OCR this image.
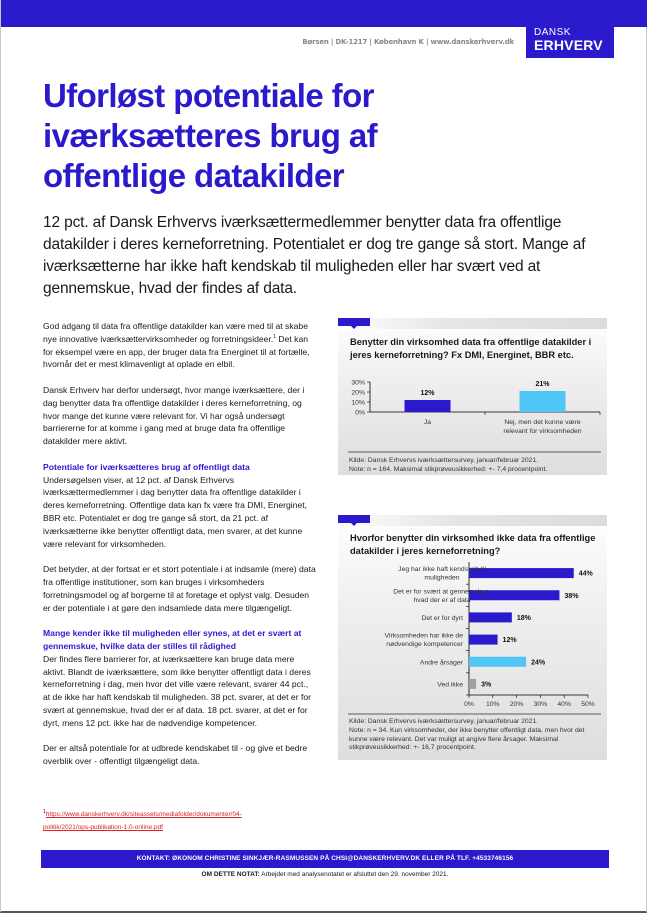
DANSK
ERHVERV
Børsen | DK-1217 | København K | www.danskerhverv.dk
Uforløst potentiale for iværksætteres brug af offentlige datakilder

12 pct. af Dansk Erhvervs iværksættermedlemmer benytter data fra offentlige datakilder i deres kerneforretning. Potentialet er dog tre gange så stort. Mange af iværksætterne har ikke haft kendskab til muligheden eller har svært ved at gennemskue, hvad der findes af data.

God adgang til data fra offentlige datakilder kan være med til at skabe nye innovative iværksættervirksomheder og forretningsideer.$^1$ Det kan for eksempel være en app, der bruger data fra Energinet til at fortælle, hvornår det er mest klimavenligt at oplade en elbil.

Dansk Erhverv har derfor undersøgt, hvor mange iværksættere, der i dag benytter data fra offentlige datakilder i deres kerneforretning, og hvor mange det kunne være relevant for. Vi har også undersøgt barriererne for at komme i gang med at bruge data fra offentlige datakilder mere aktivt.

Potentiale for iværksætteres brug af offentligt data
Undersøgelsen viser, at 12 pct. af Dansk Erhvervs iværksættermedlemmer i dag benytter data fra offentlige datakilder i deres kerneforretning. Offentlige data kan fx være fra DMI, Energinet, BBR etc. Potentialet er dog tre gange så stort, da 21 pct. af iværksætterne ikke benytter offentligt data, men svarer, at det kunne være relevant for virksomheden.

Det betyder, at der fortsat er et stort potentiale i at indsamle (mere) data fra offentlige institutioner, som kan bruges i virksomheders forretningsmodel og af borgerne til at foretage et oplyst valg. Desuden er der potentiale i at gøre den indsamlede data mere tilgængeligt.

Mange kender ikke til muligheden eller synes, at det er svært at gennemskue, hvilke data der stilles til rådighed
Der findes flere barrierer for, at iværksættere kan bruge data mere aktivt. Blandt de iværksættere, som ikke benytter offentligt data i deres kerneforretning i dag, men hvor det ville være relevant, svarer 44 pct., at de ikke har haft kendskab til muligheden. 38 pct. svarer, at det er for svært at gennemskue, hvad der er af data. 18 pct. svarer, at det er for dyrt, mens 12 pct. ikke har de nødvendige kompetencer.

Der er altså potentiale for at udbrede kendskabet til - og give et bedre overblik over - offentligt tilgængeligt data.

$^1$https://www.danskerhverv.dk/siteassets/mediafolder/dokumenter/04-
politik/2021/ops-publikation-1.0-online.pdf
KONTAKT: ØKONOM CHRISTINE SINKJÆR-RASMUSSEN PÅ CHSI@DANSKERHVERV.DK ELLER PÅ TLF. +4533746156
OM DETTE NOTAT: Arbejdet med analysenotatet er afsluttet den 29. november 2021.
Benytter din virksomhed data fra offentlige datakilder i jeres kerneforretning? Fx DMI, Energinet, BBR etc.
0%
10%
20%
30%
12%
Ja
21%
Nej, men det kunne være
relevant for virksomheden
Kilde: Dansk Erhvervs iværksættersurvey, januar/februar 2021.
Note: n = 164. Maksimal stikprøveusikkerhed: +- 7,4 procentpoint.
Hvorfor benytter din virksomhed ikke data fra offentlige datakilder i jeres kerneforretning?
0% 10% 20% 30% 40% 50%
44%
Jeg har ikke haft kendskab til
muligheden
38%
Det er for svært at gennemskue,
hvad der er af data
18%
Det er for dyrt
12%
Virksomheden har ikke de
nødvendige kompetencer
24%
Andre årsager
3%
Ved ikke
Kilde: Dansk Erhvervs iværksættersurvey, januar/februar 2021.
Note: n = 34. Kun virksomheder, der ikke benytter offentligt data, men hvor det kunne være relevant. Det var muligt at angive flere årsager. Maksimal stikprøveusikkerhed: +- 16,7 procentpoint.
